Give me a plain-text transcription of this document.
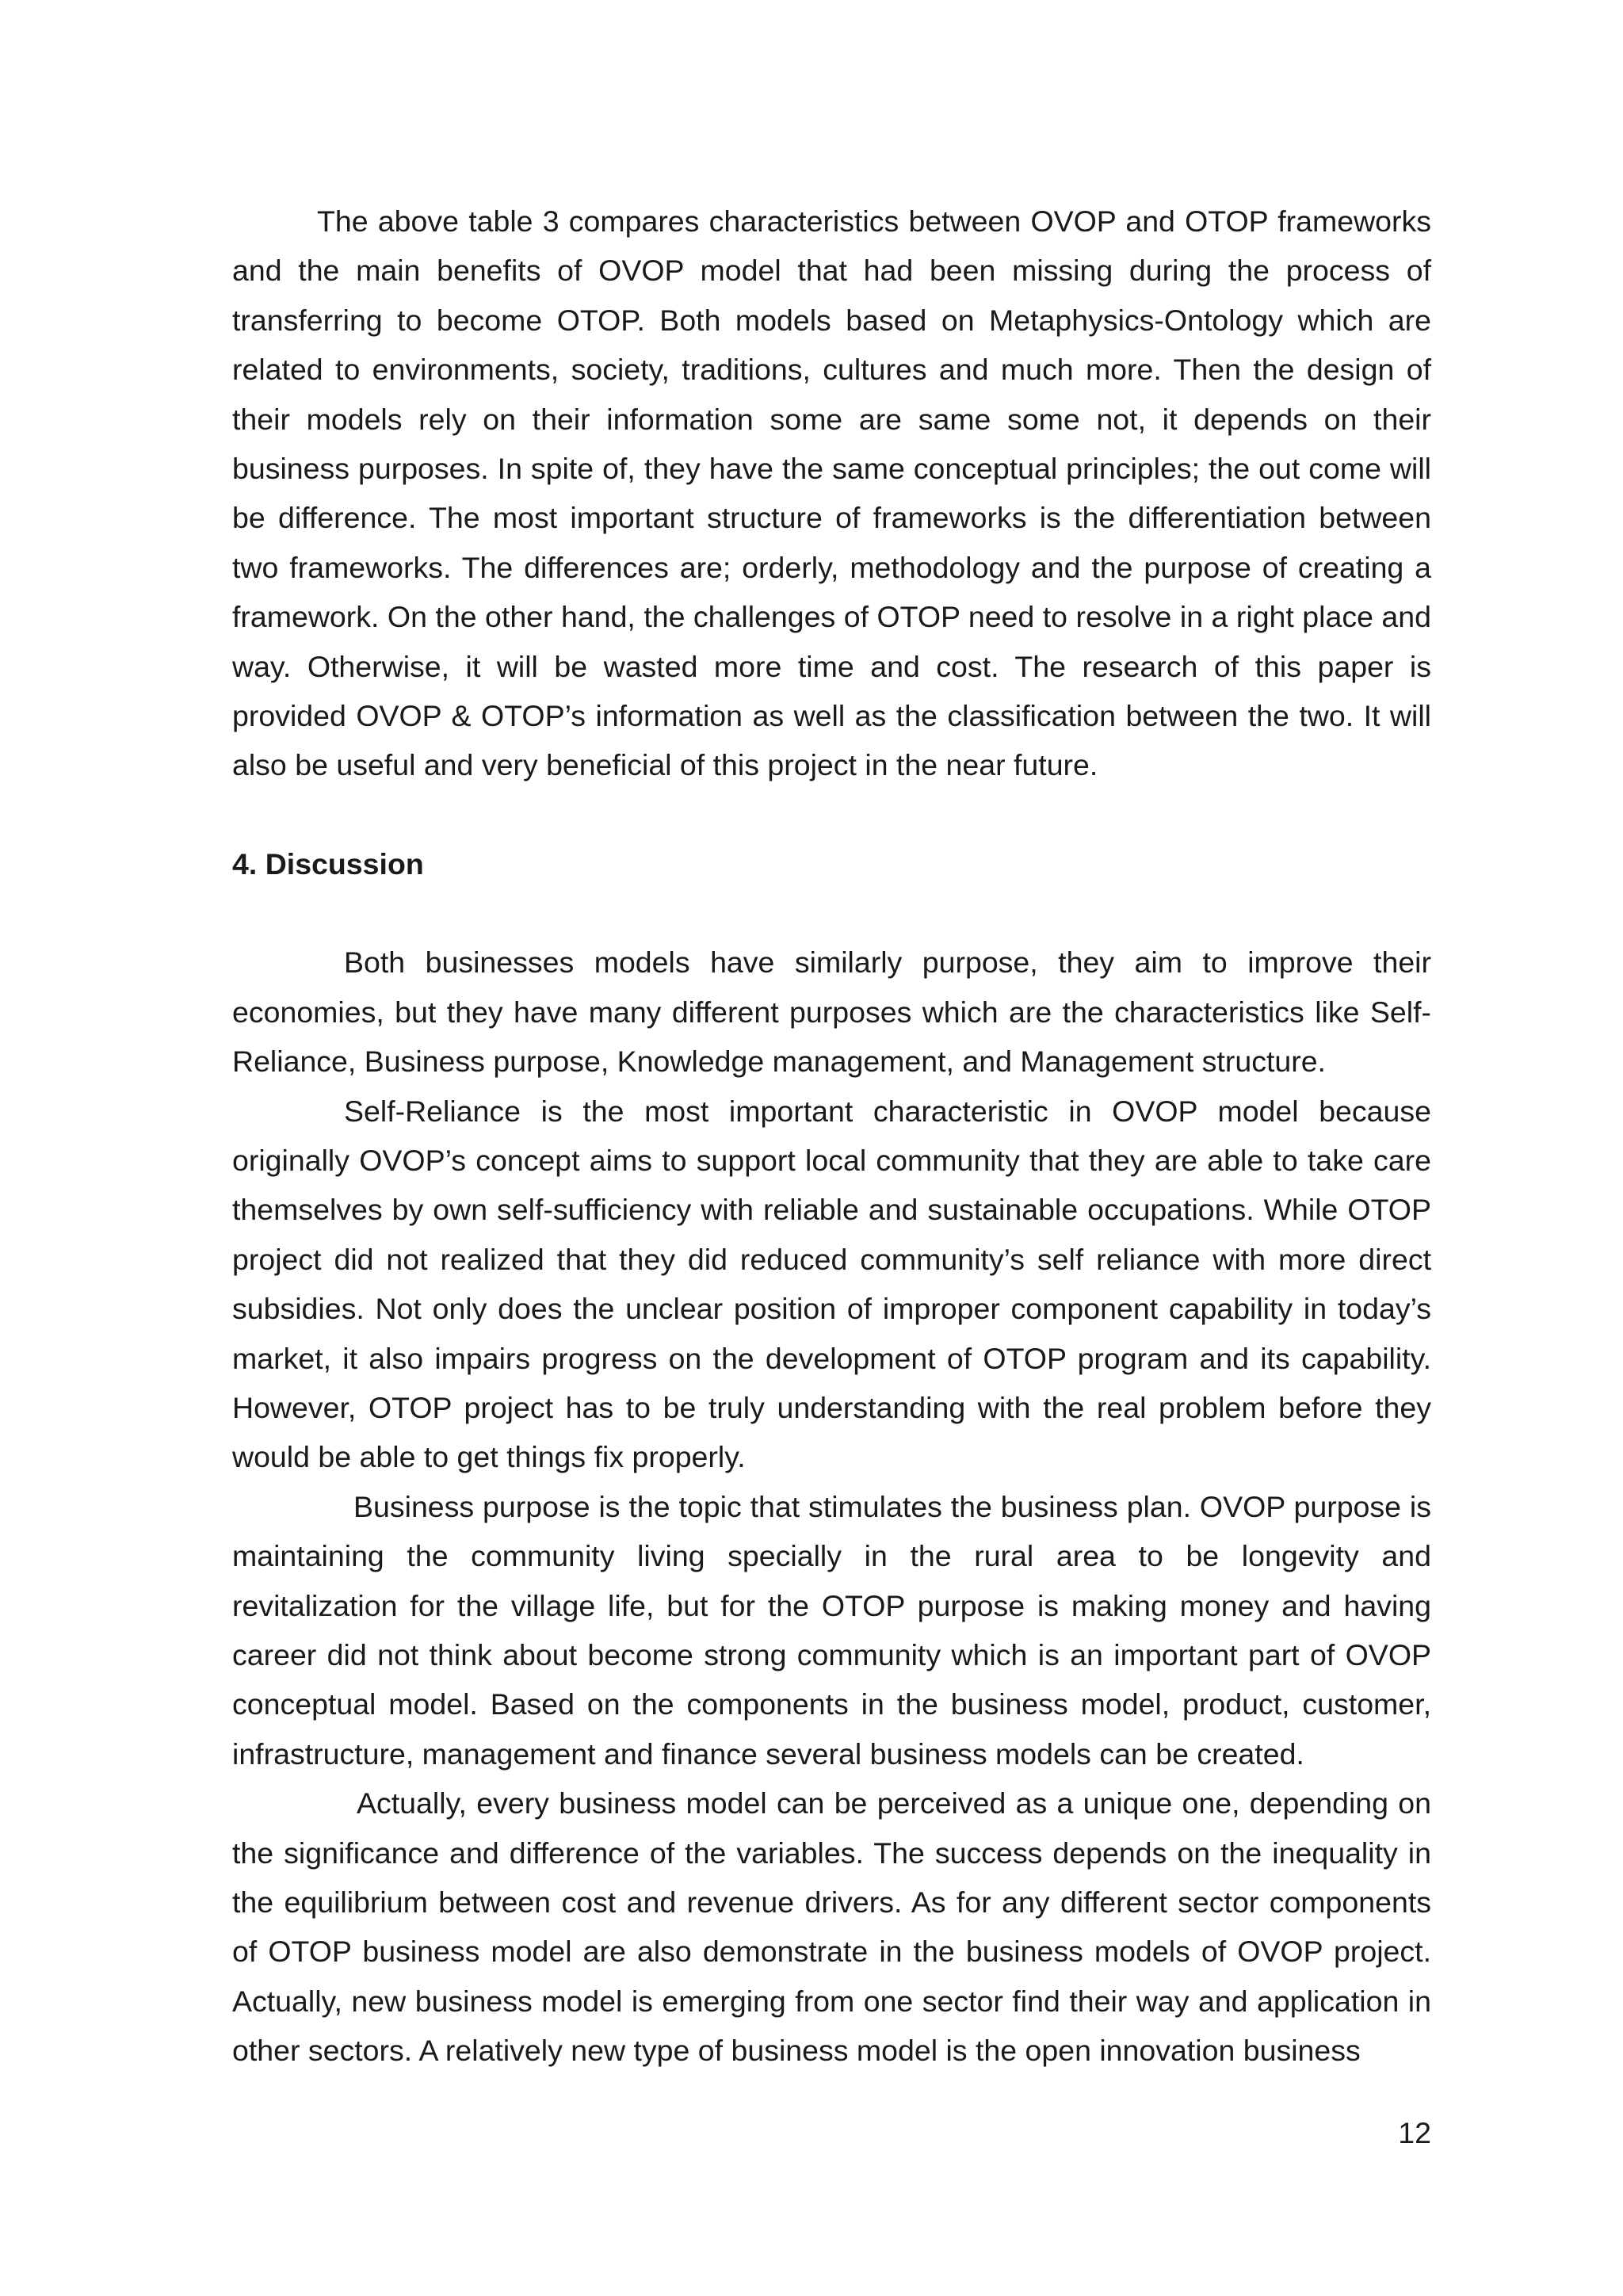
The above table 3 compares characteristics between OVOP and OTOP frameworks and the main benefits of OVOP model that had been missing during the process of transferring to become OTOP. Both models based on Metaphysics-Ontology which are related to environments, society, traditions, cultures and much more. Then the design of their models rely on their information some are same some not, it depends on their business purposes. In spite of, they have the same conceptual principles; the out come will be difference. The most important structure of frameworks is the differentiation between two frameworks. The differences are; orderly, methodology and the purpose of creating a framework. On the other hand, the challenges of OTOP need to resolve in a right place and way. Otherwise, it will be wasted more time and cost. The research of this paper is provided OVOP & OTOP’s information as well as the classification between the two. It will also be useful and very beneficial of this project in the near future.

4. Discussion

Both businesses models have similarly purpose, they aim to improve their economies, but they have many different purposes which are the characteristics like Self-Reliance, Business purpose, Knowledge management, and Management structure.

Self-Reliance is the most important characteristic in OVOP model because originally OVOP’s concept aims to support local community that they are able to take care themselves by own self-sufficiency with reliable and sustainable occupations. While OTOP project did not realized that they did reduced community’s self reliance with more direct subsidies. Not only does the unclear position of improper component capability in today’s market, it also impairs progress on the development of OTOP program and its capability. However, OTOP project has to be truly understanding with the real problem before they would be able to get things fix properly.

Business purpose is the topic that stimulates the business plan. OVOP purpose is maintaining the community living specially in the rural area to be longevity and revitalization for the village life, but for the OTOP purpose is making money and having career did not think about become strong community which is an important part of OVOP conceptual model. Based on the components in the business model, product, customer, infrastructure, management and finance several business models can be created.

Actually, every business model can be perceived as a unique one, depending on the significance and difference of the variables. The success depends on the inequality in the equilibrium between cost and revenue drivers. As for any different sector components of OTOP business model are also demonstrate in the business models of OVOP project. Actually, new business model is emerging from one sector find their way and application in other sectors. A relatively new type of business model is the open innovation business

12
